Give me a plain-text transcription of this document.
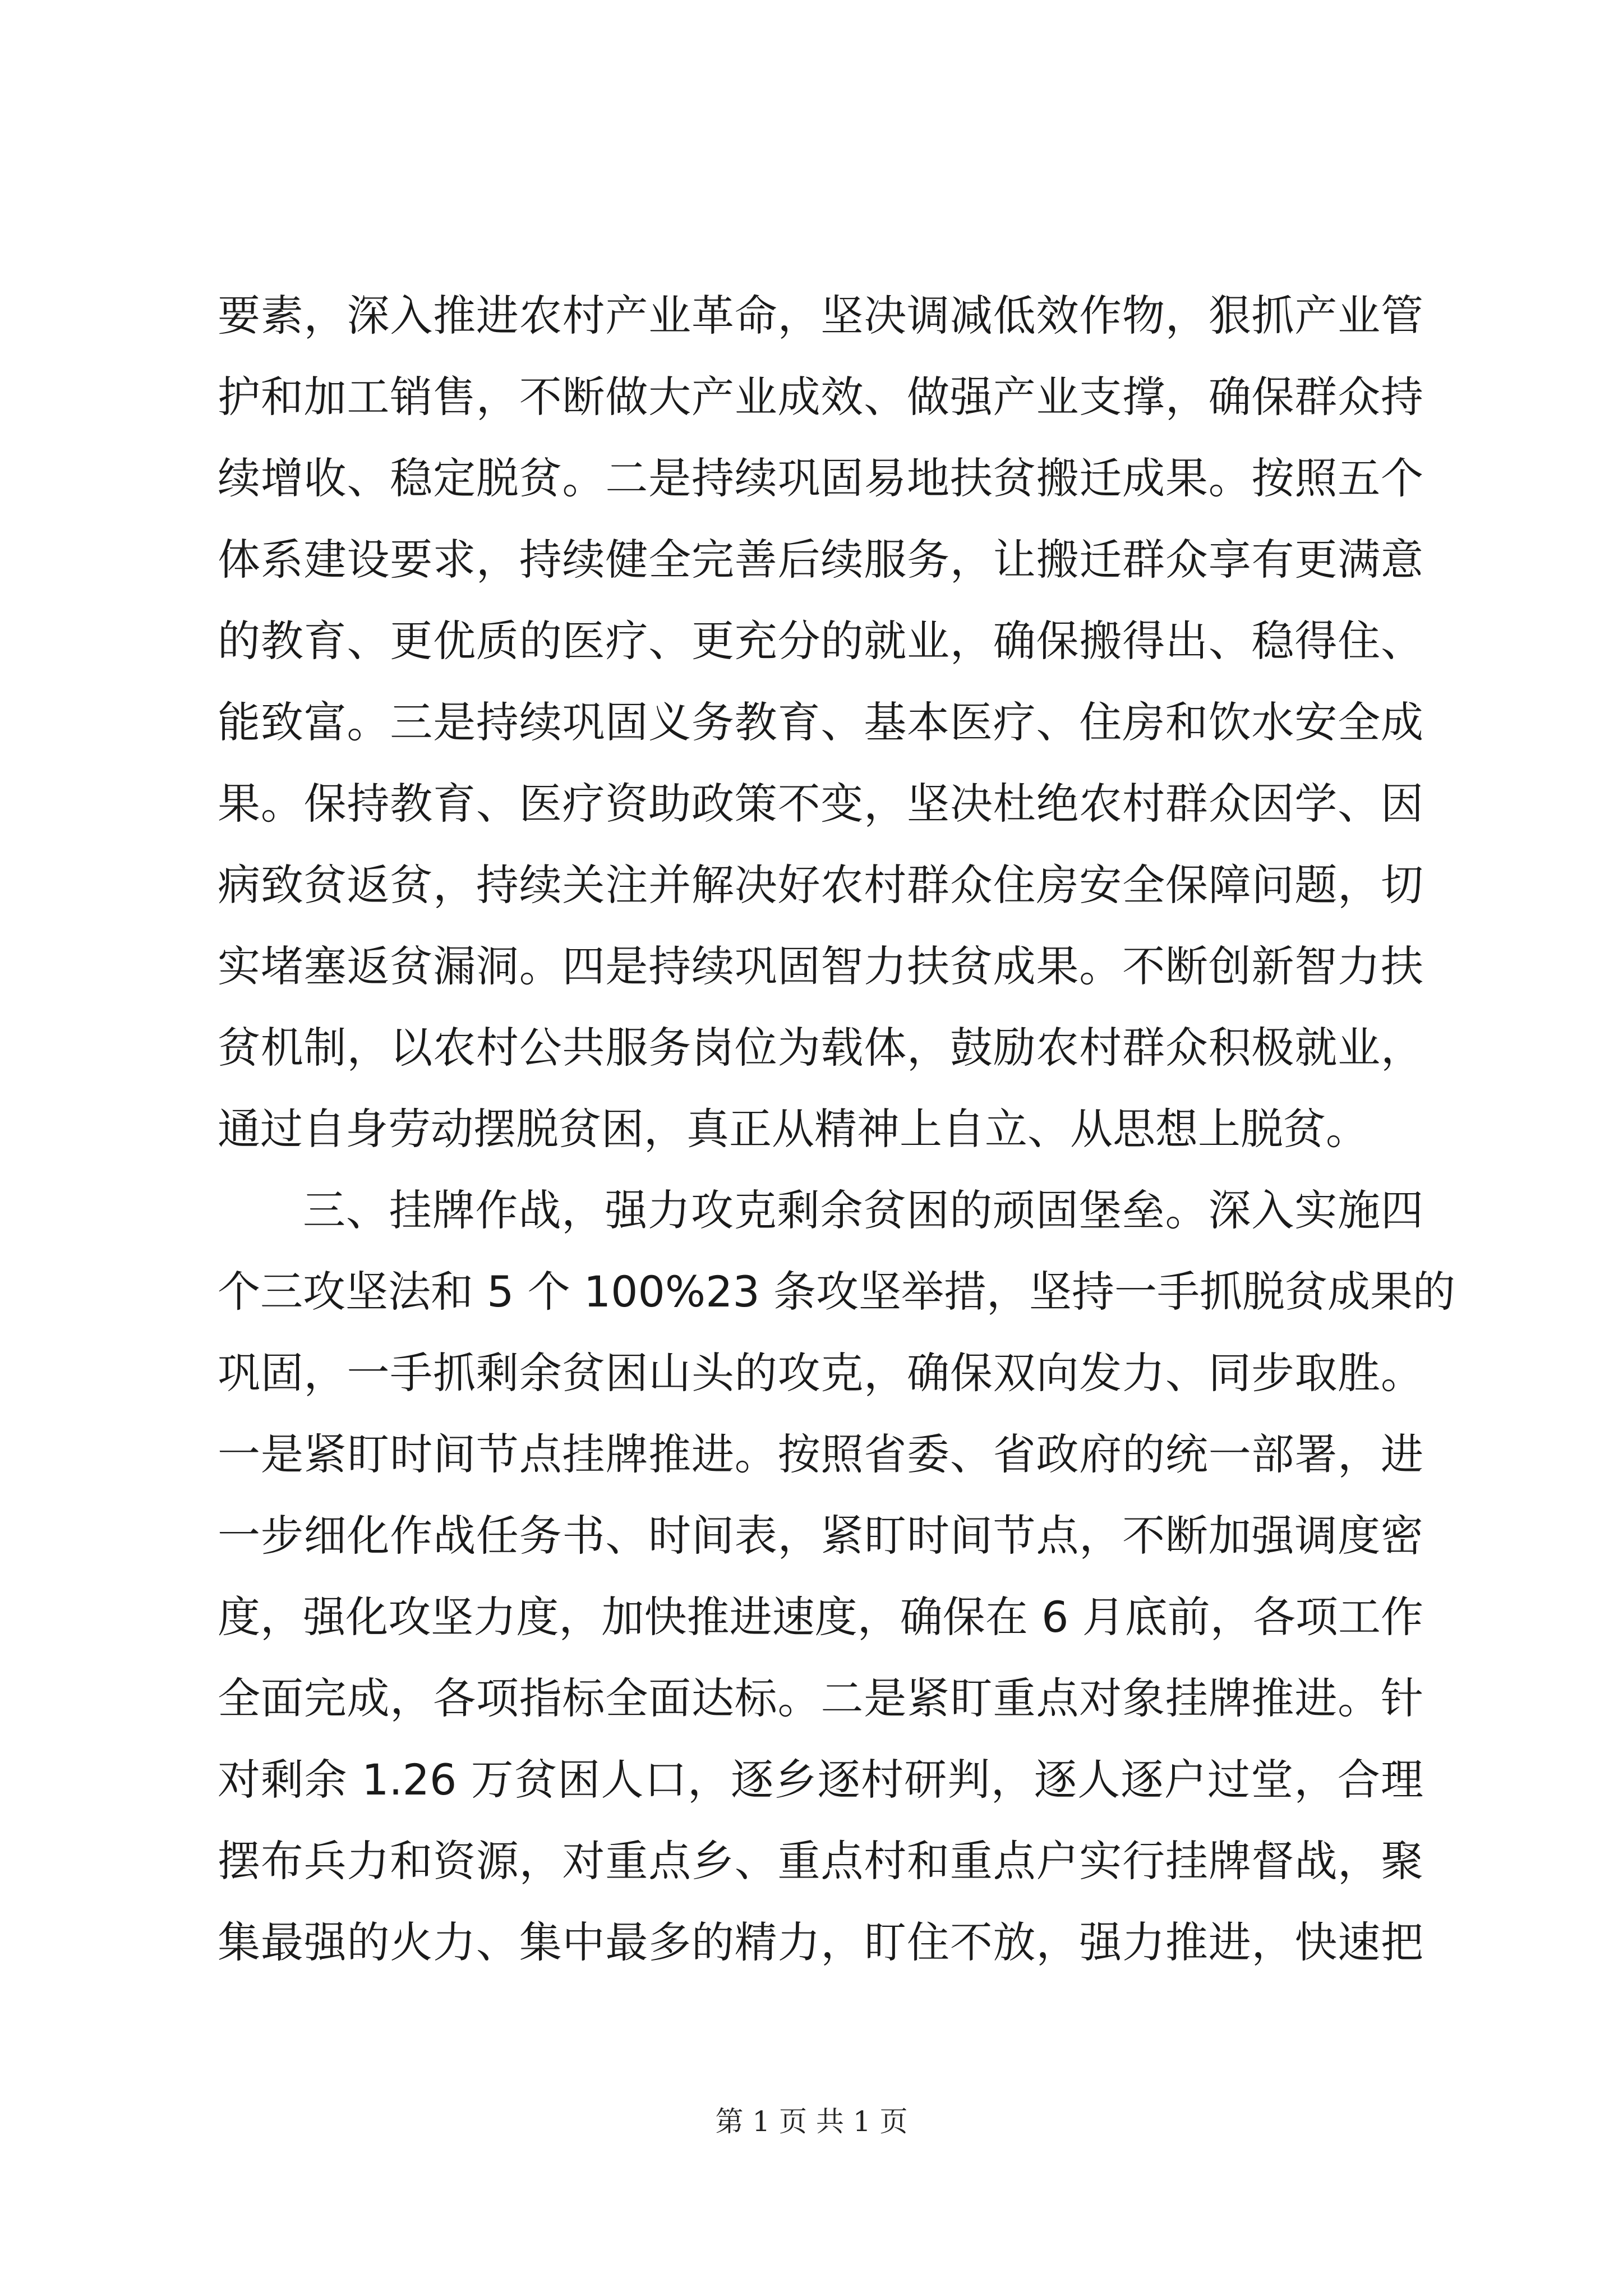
要素，深入推进农村产业革命，坚决调减低效作物，狠抓产业管
护和加工销售，不断做大产业成效、做强产业支撑，确保群众持
续增收、稳定脱贫。二是持续巩固易地扶贫搬迁成果。按照五个
体系建设要求，持续健全完善后续服务，让搬迁群众享有更满意
的教育、更优质的医疗、更充分的就业，确保搬得出、稳得住、
能致富。三是持续巩固义务教育、基本医疗、住房和饮水安全成
果。保持教育、医疗资助政策不变，坚决杜绝农村群众因学、因
病致贫返贫，持续关注并解决好农村群众住房安全保障问题，切
实堵塞返贫漏洞。四是持续巩固智力扶贫成果。不断创新智力扶
贫机制，以农村公共服务岗位为载体，鼓励农村群众积极就业，
通过自身劳动摆脱贫困，真正从精神上自立、从思想上脱贫。
三、挂牌作战，强力攻克剩余贫困的顽固堡垒。深入实施四
个三攻坚法和 5 个 100%23 条攻坚举措，坚持一手抓脱贫成果的
巩固，一手抓剩余贫困山头的攻克，确保双向发力、同步取胜。
一是紧盯时间节点挂牌推进。按照省委、省政府的统一部署，进
一步细化作战任务书、时间表，紧盯时间节点，不断加强调度密
度，强化攻坚力度，加快推进速度，确保在 6 月底前，各项工作
全面完成，各项指标全面达标。二是紧盯重点对象挂牌推进。针
对剩余 1.26 万贫困人口，逐乡逐村研判，逐人逐户过堂，合理
摆布兵力和资源，对重点乡、重点村和重点户实行挂牌督战，聚
集最强的火力、集中最多的精力，盯住不放，强力推进，快速把
第 1 页 共 1 页
